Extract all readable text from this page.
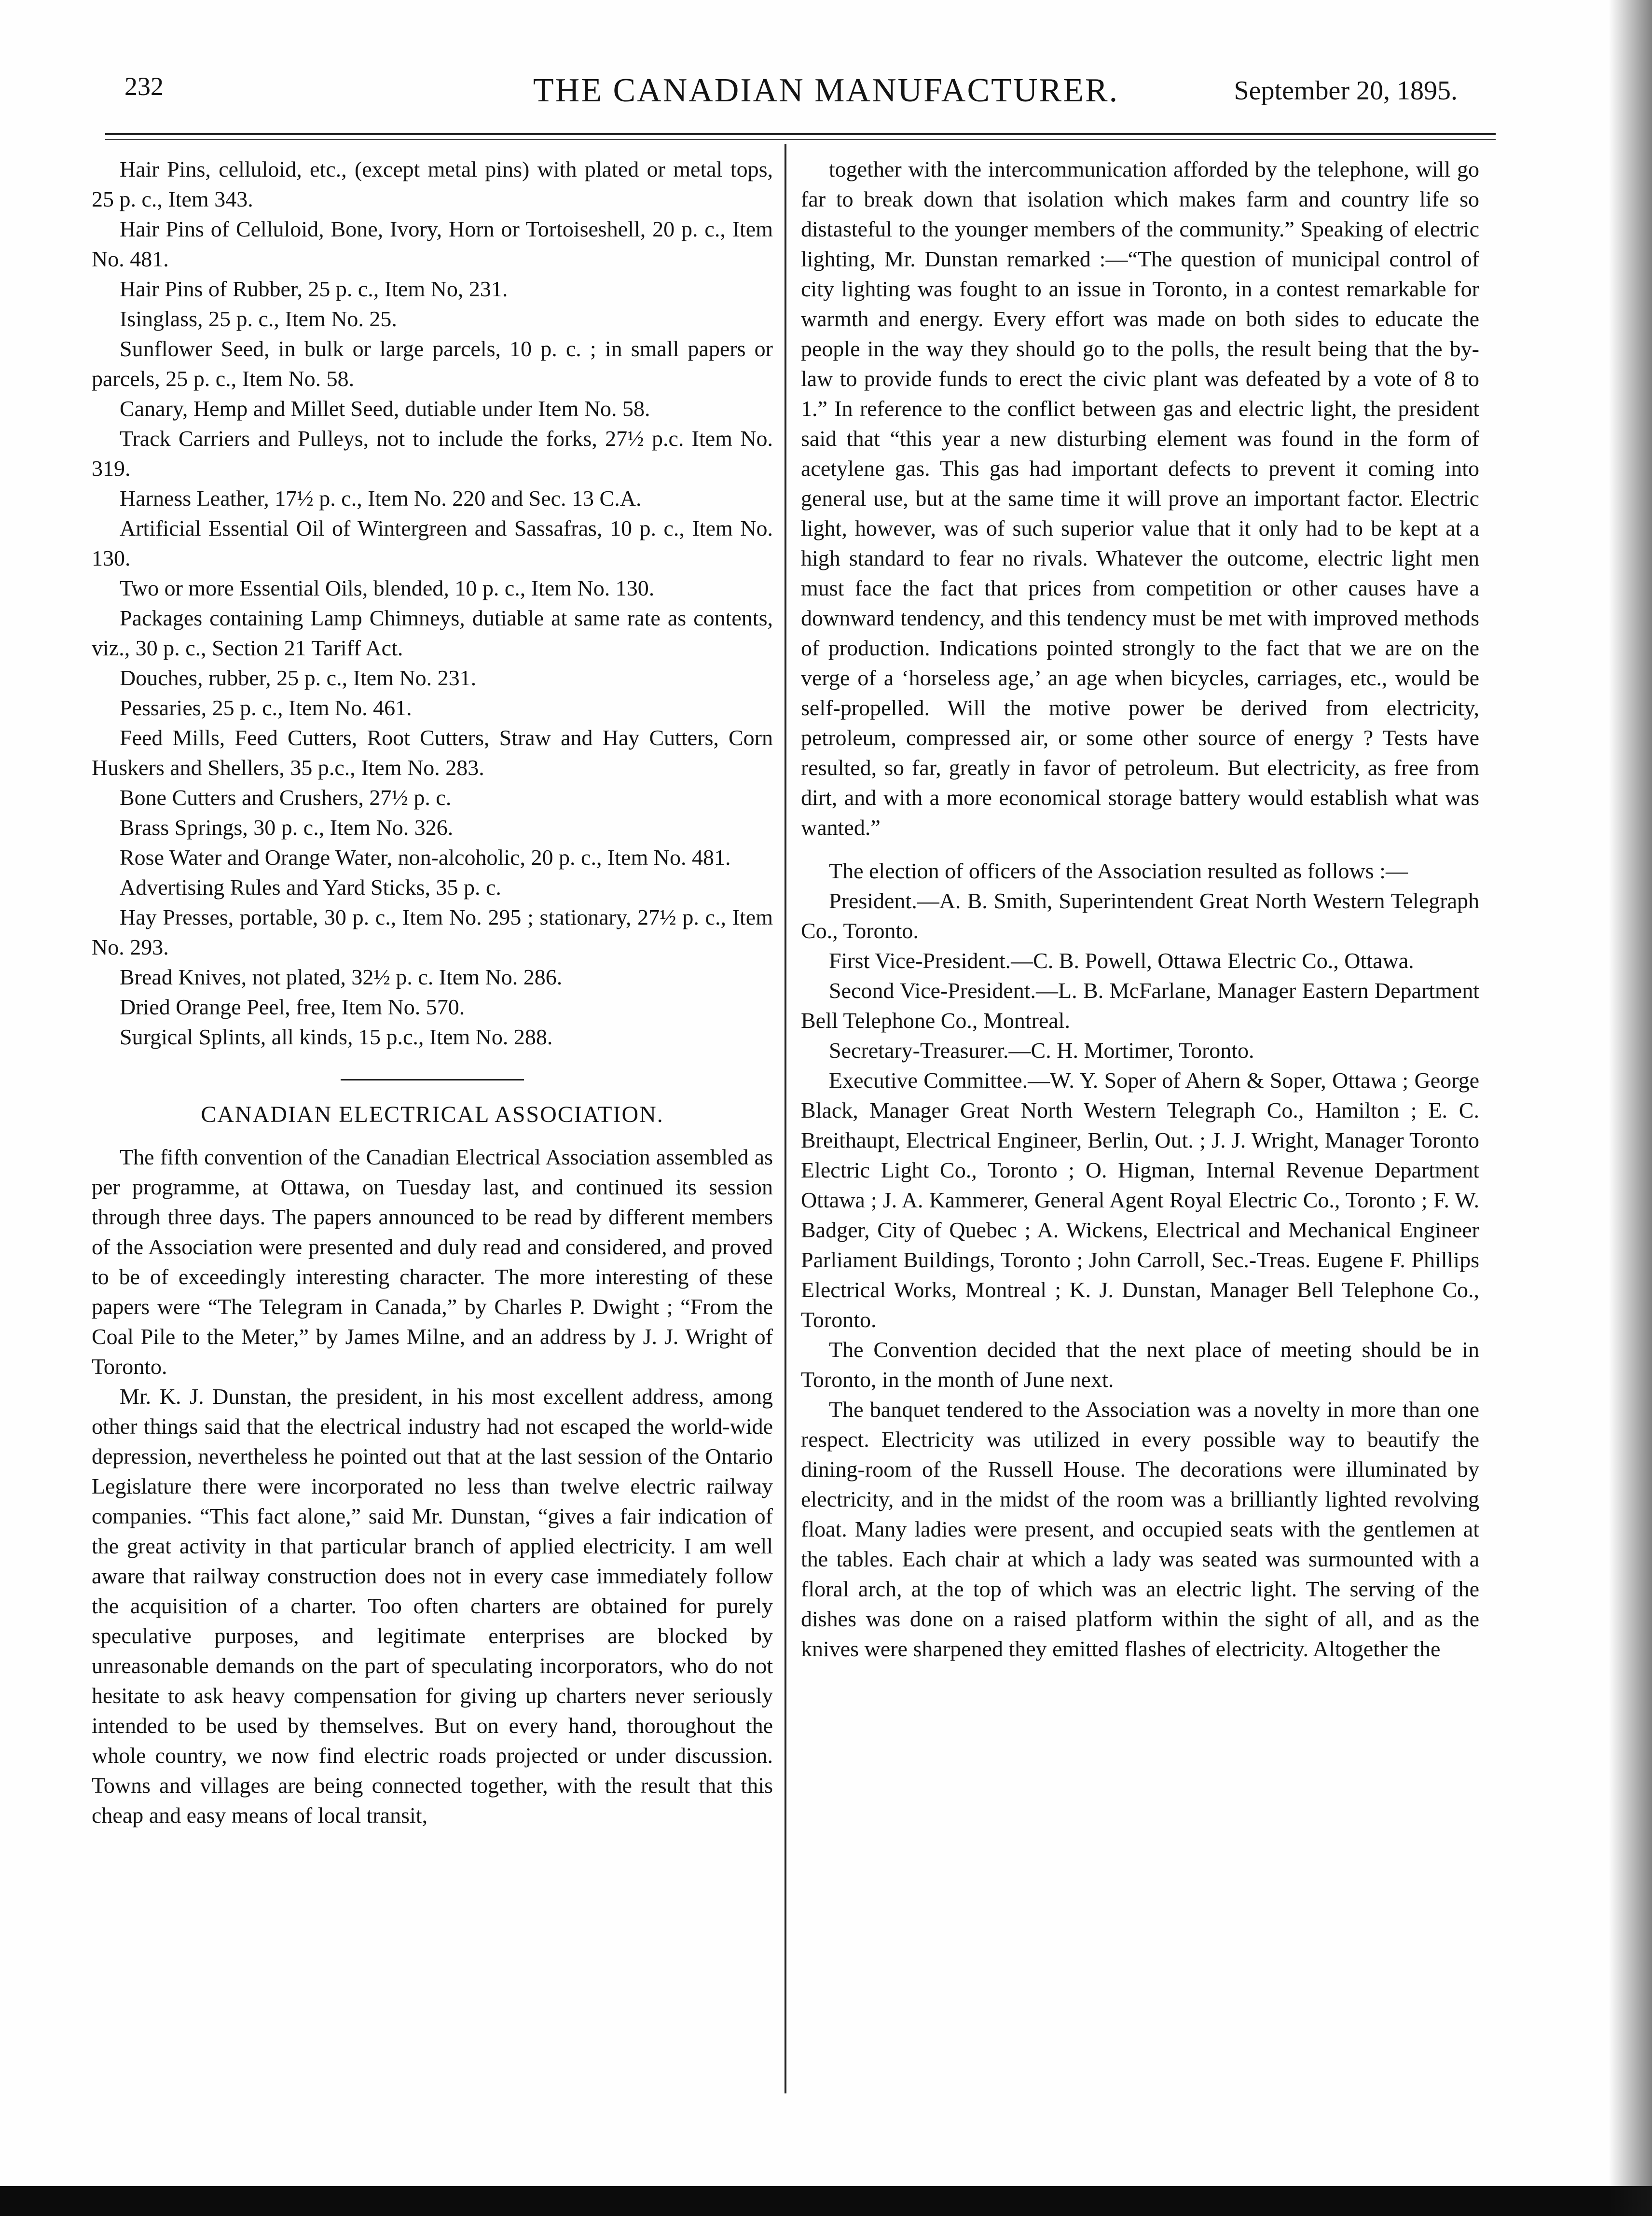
232	THE CANADIAN MANUFACTURER.	September 20, 1895.

Hair Pins, celluloid, etc., (except metal pins) with plated or metal tops, 25 p. c., Item 343.

Hair Pins of Celluloid, Bone, Ivory, Horn or Tortoiseshell, 20 p. c., Item No. 481.

Hair Pins of Rubber, 25 p. c., Item No, 231.

Isinglass, 25 p. c., Item No. 25.

Sunflower Seed, in bulk or large parcels, 10 p. c. ; in small papers or parcels, 25 p. c., Item No. 58.

Canary, Hemp and Millet Seed, dutiable under Item No. 58.

Track Carriers and Pulleys, not to include the forks, 27½ p.c. Item No. 319.

Harness Leather, 17½ p. c., Item No. 220 and Sec. 13 C.A.

Artificial Essential Oil of Wintergreen and Sassafras, 10 p. c., Item No. 130.

Two or more Essential Oils, blended, 10 p. c., Item No. 130.

Packages containing Lamp Chimneys, dutiable at same rate as contents, viz., 30 p. c., Section 21 Tariff Act.

Douches, rubber, 25 p. c., Item No. 231.

Pessaries, 25 p. c., Item No. 461.

Feed Mills, Feed Cutters, Root Cutters, Straw and Hay Cutters, Corn Huskers and Shellers, 35 p.c., Item No. 283.

Bone Cutters and Crushers, 27½ p. c.

Brass Springs, 30 p. c., Item No. 326.

Rose Water and Orange Water, non-alcoholic, 20 p. c., Item No. 481.

Advertising Rules and Yard Sticks, 35 p. c.

Hay Presses, portable, 30 p. c., Item No. 295 ; stationary, 27½ p. c., Item No. 293.

Bread Knives, not plated, 32½ p. c. Item No. 286.

Dried Orange Peel, free, Item No. 570.

Surgical Splints, all kinds, 15 p.c., Item No. 288.

CANADIAN ELECTRICAL ASSOCIATION.

The fifth convention of the Canadian Electrical Association assembled as per programme, at Ottawa, on Tuesday last, and continued its session through three days. The papers announced to be read by different members of the Association were presented and duly read and considered, and proved to be of exceedingly interesting character. The more interesting of these papers were “The Telegram in Canada,” by Charles P. Dwight ; “From the Coal Pile to the Meter,” by James Milne, and an address by J. J. Wright of Toronto.

Mr. K. J. Dunstan, the president, in his most excellent address, among other things said that the electrical industry had not escaped the world-wide depression, nevertheless he pointed out that at the last session of the Ontario Legislature there were incorporated no less than twelve electric railway companies. “This fact alone,” said Mr. Dunstan, “gives a fair indication of the great activity in that particular branch of applied electricity. I am well aware that railway construction does not in every case immediately follow the acquisition of a charter. Too often charters are obtained for purely speculative purposes, and legitimate enterprises are blocked by unreasonable demands on the part of speculating incorporators, who do not hesitate to ask heavy compensation for giving up charters never seriously intended to be used by themselves. But on every hand, thoroughout the whole country, we now find electric roads projected or under discussion. Towns and villages are being connected together, with the result that this cheap and easy means of local transit,

together with the intercommunication afforded by the telephone, will go far to break down that isolation which makes farm and country life so distasteful to the younger members of the community.” Speaking of electric lighting, Mr. Dunstan remarked :—“The question of municipal control of city lighting was fought to an issue in Toronto, in a contest remarkable for warmth and energy. Every effort was made on both sides to educate the people in the way they should go to the polls, the result being that the by-law to provide funds to erect the civic plant was defeated by a vote of 8 to 1.” In reference to the conflict between gas and electric light, the president said that “this year a new disturbing element was found in the form of acetylene gas. This gas had important defects to prevent it coming into general use, but at the same time it will prove an important factor. Electric light, however, was of such superior value that it only had to be kept at a high standard to fear no rivals. Whatever the outcome, electric light men must face the fact that prices from competition or other causes have a downward tendency, and this tendency must be met with improved methods of production. Indications pointed strongly to the fact that we are on the verge of a ‘horseless age,’ an age when bicycles, carriages, etc., would be self-propelled. Will the motive power be derived from electricity, petroleum, compressed air, or some other source of energy ? Tests have resulted, so far, greatly in favor of petroleum. But electricity, as free from dirt, and with a more economical storage battery would establish what was wanted.”

The election of officers of the Association resulted as follows :—

President.—A. B. Smith, Superintendent Great North Western Telegraph Co., Toronto.

First Vice-President.—C. B. Powell, Ottawa Electric Co., Ottawa.

Second Vice-President.—L. B. McFarlane, Manager Eastern Department Bell Telephone Co., Montreal.

Secretary-Treasurer.—C. H. Mortimer, Toronto.

Executive Committee.—W. Y. Soper of Ahern & Soper, Ottawa ; George Black, Manager Great North Western Telegraph Co., Hamilton ; E. C. Breithaupt, Electrical Engineer, Berlin, Out. ; J. J. Wright, Manager Toronto Electric Light Co., Toronto ; O. Higman, Internal Revenue Department Ottawa ; J. A. Kammerer, General Agent Royal Electric Co., Toronto ; F. W. Badger, City of Quebec ; A. Wickens, Electrical and Mechanical Engineer Parliament Buildings, Toronto ; John Carroll, Sec.-Treas. Eugene F. Phillips Electrical Works, Montreal ; K. J. Dunstan, Manager Bell Telephone Co., Toronto.

The Convention decided that the next place of meeting should be in Toronto, in the month of June next.

The banquet tendered to the Association was a novelty in more than one respect. Electricity was utilized in every possible way to beautify the dining-room of the Russell House. The decorations were illuminated by electricity, and in the midst of the room was a brilliantly lighted revolving float. Many ladies were present, and occupied seats with the gentlemen at the tables. Each chair at which a lady was seated was surmounted with a floral arch, at the top of which was an electric light. The serving of the dishes was done on a raised platform within the sight of all, and as the knives were sharpened they emitted flashes of electricity. Altogether the
